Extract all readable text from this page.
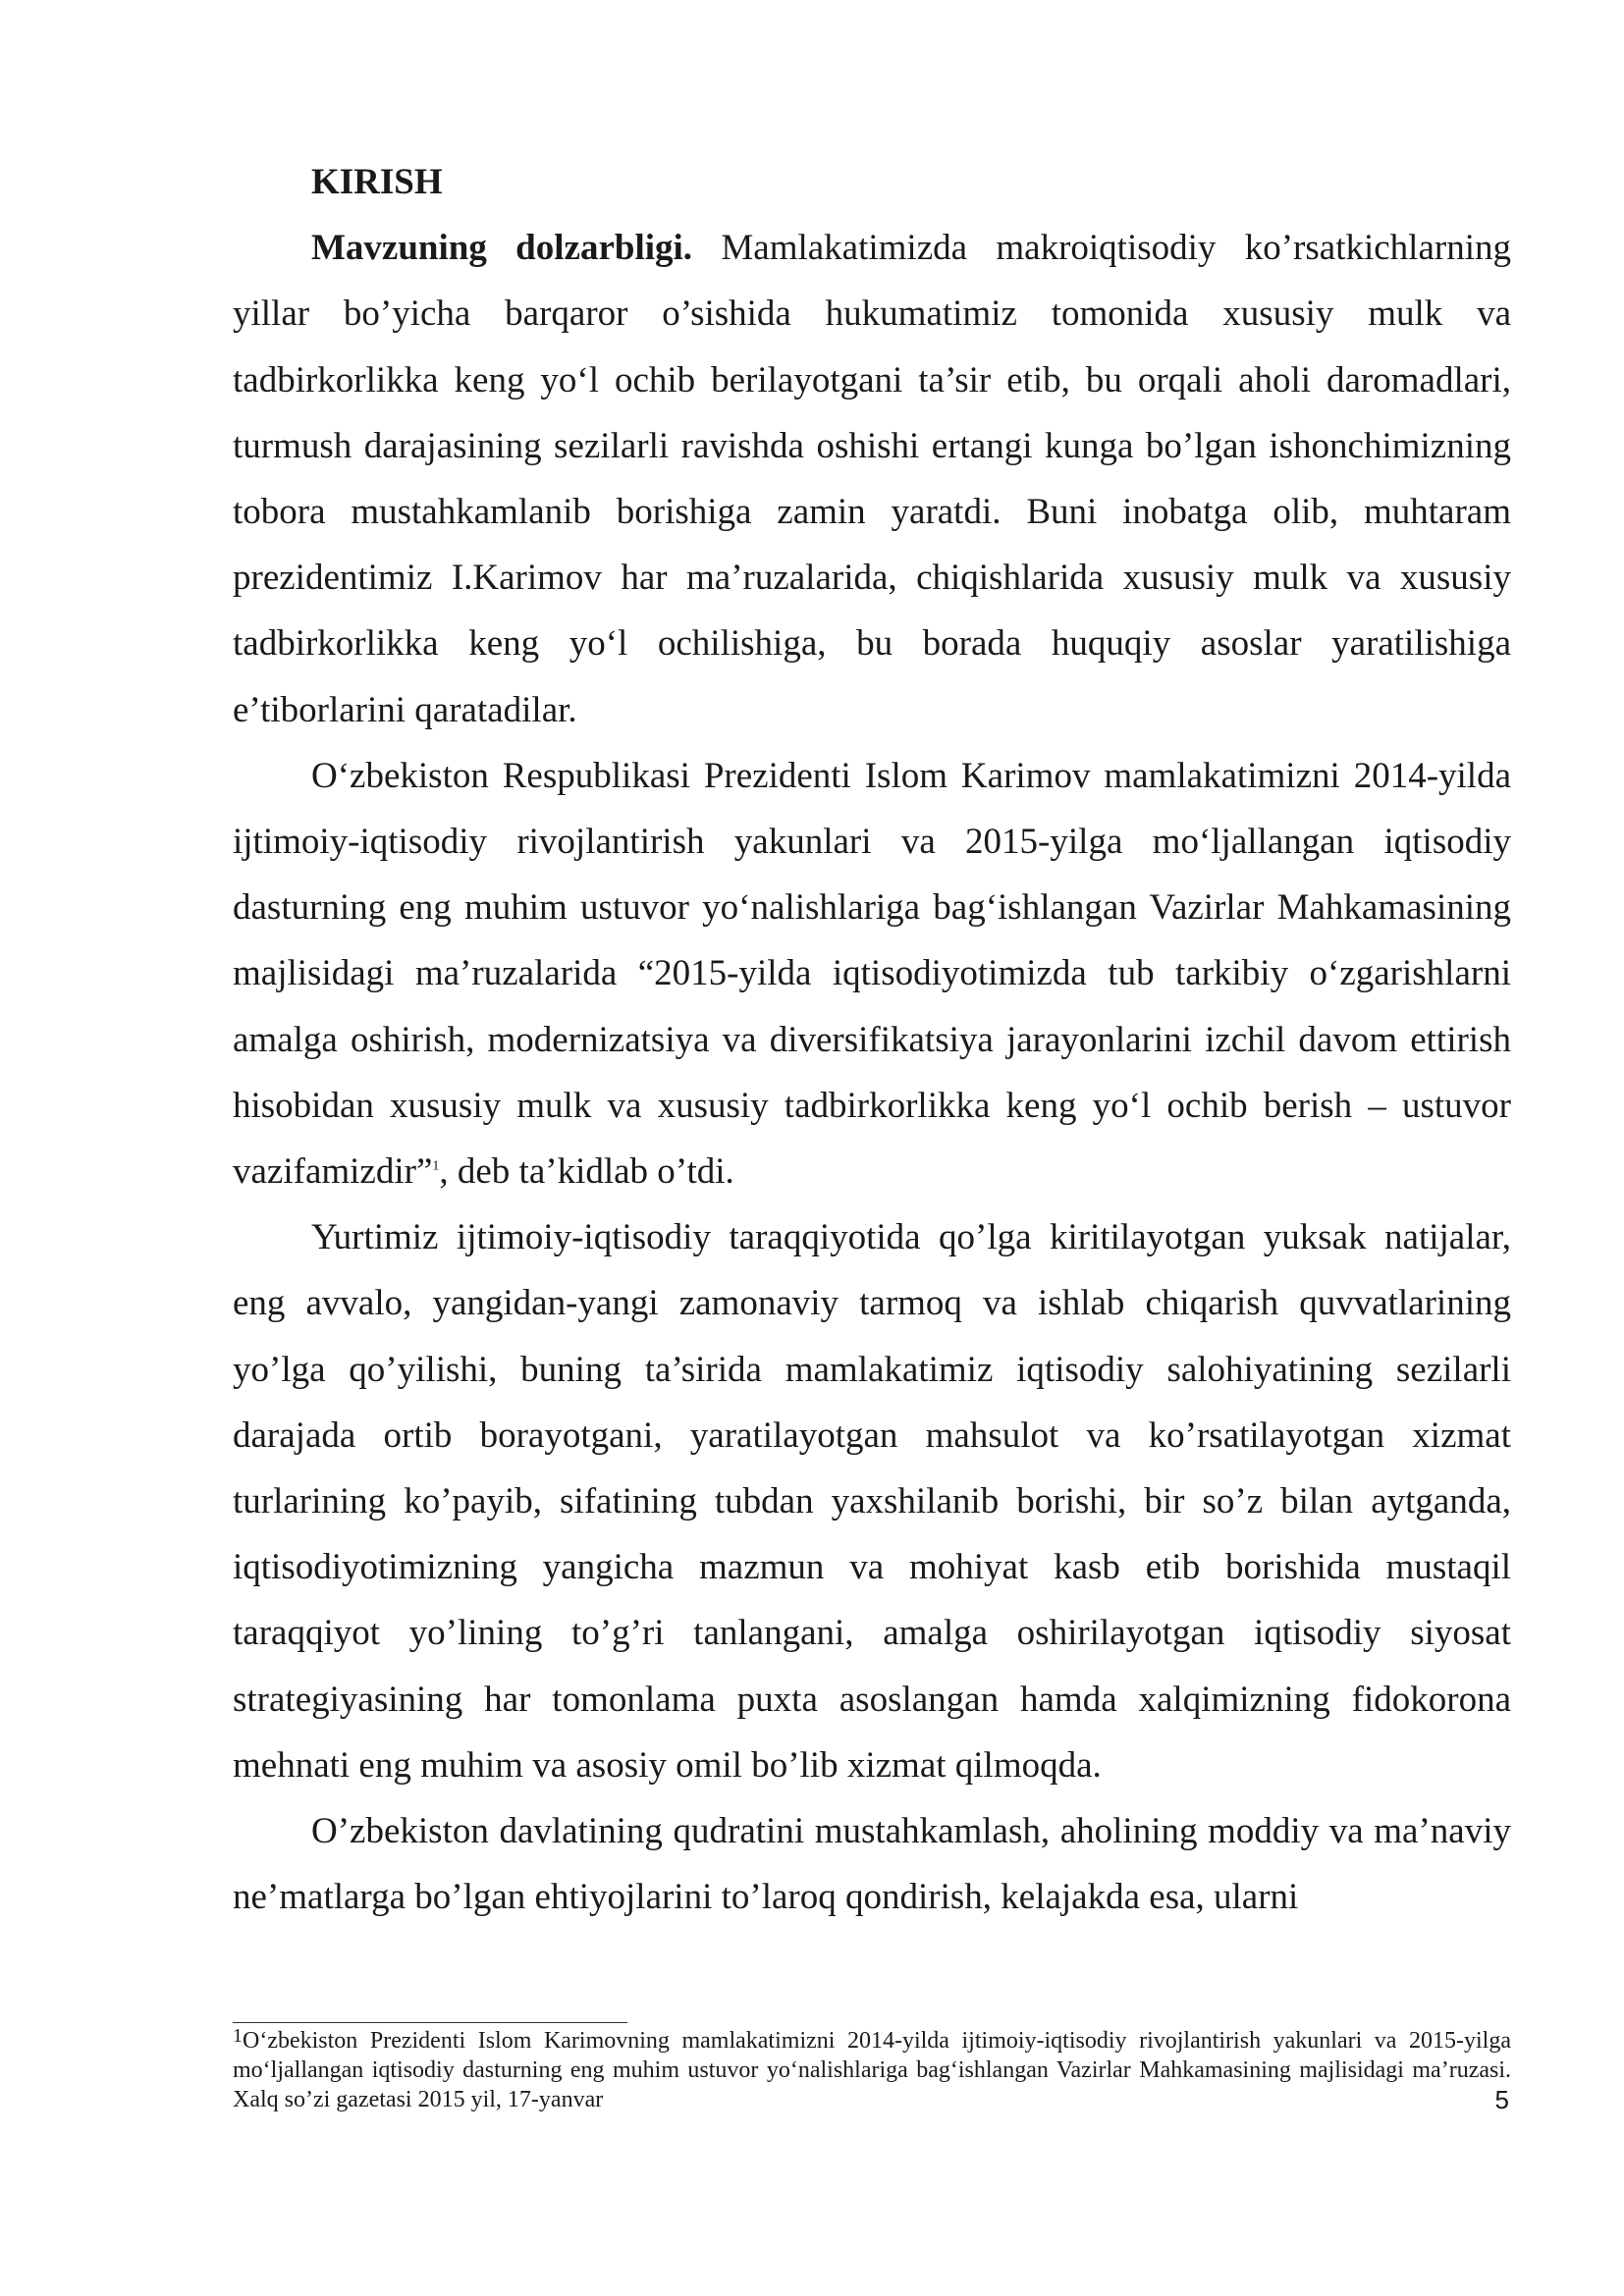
KIRISH

Mavzuning dolzarbligi. Mamlakatimizda makroiqtisodiy ko’rsatkichlarning yillar bo’yicha barqaror o’sishida hukumatimiz tomonida xususiy mulk va tadbirkorlikka keng yo‘l ochib berilayotgani ta’sir etib, bu orqali aholi daromadlari, turmush darajasining sezilarli ravishda oshishi ertangi kunga bo’lgan ishonchimizning tobora mustahkamlanib borishiga zamin yaratdi. Buni inobatga olib, muhtaram prezidentimiz I.Karimov har ma’ruzalarida, chiqishlarida xususiy mulk va xususiy tadbirkorlikka keng yo‘l ochilishiga, bu borada huquqiy asoslar yaratilishiga e’tiborlarini qaratadilar.

O‘zbekiston Respublikasi Prezidenti Islom Karimov mamlakatimizni 2014-yilda ijtimoiy-iqtisodiy rivojlantirish yakunlari va 2015-yilga mo‘ljallangan iqtisodiy dasturning eng muhim ustuvor yo‘nalishlariga bag‘ishlangan Vazirlar Mahkamasining majlisidagi ma’ruzalarida “2015-yilda iqtisodiyotimizda tub tarkibiy o‘zgarishlarni amalga oshirish, modernizatsiya va diversifikatsiya jarayonlarini izchil davom ettirish hisobidan xususiy mulk va xususiy tadbirkorlikka keng yo‘l ochib berish – ustuvor vazifamizdir”$^1$, deb ta’kidlab o’tdi.

Yurtimiz ijtimoiy-iqtisodiy taraqqiyotida qo’lga kiritilayotgan yuksak natijalar, eng avvalo, yangidan-yangi zamonaviy tarmoq va ishlab chiqarish quvvatlarining yo’lga qo’yilishi, buning ta’sirida mamlakatimiz iqtisodiy salohiyatining sezilarli darajada ortib borayotgani, yaratilayotgan mahsulot va ko’rsatilayotgan xizmat turlarining ko’payib, sifatining tubdan yaxshilanib borishi, bir so’z bilan aytganda, iqtisodiyotimizning yangicha mazmun va mohiyat kasb etib borishida mustaqil taraqqiyot yo’lining to’g’ri tanlangani, amalga oshirilayotgan iqtisodiy siyosat strategiyasining har tomonlama puxta asoslangan hamda xalqimizning fidokorona mehnati eng muhim va asosiy omil bo’lib xizmat qilmoqda.

O’zbekiston davlatining qudratini mustahkamlash, aholining moddiy va ma’naviy ne’matlarga bo’lgan ehtiyojlarini to’laroq qondirish, kelajakda esa, ularni

$^1$O‘zbekiston Prezidenti Islom Karimovning mamlakatimizni 2014-yilda ijtimoiy-iqtisodiy rivojlantirish yakunlari va 2015-yilga mo‘ljallangan iqtisodiy dasturning eng muhim ustuvor yo‘nalishlariga bag‘ishlangan Vazirlar Mahkamasining majlisidagi ma’ruzasi. Xalq so’zi gazetasi 2015 yil, 17-yanvar	5
